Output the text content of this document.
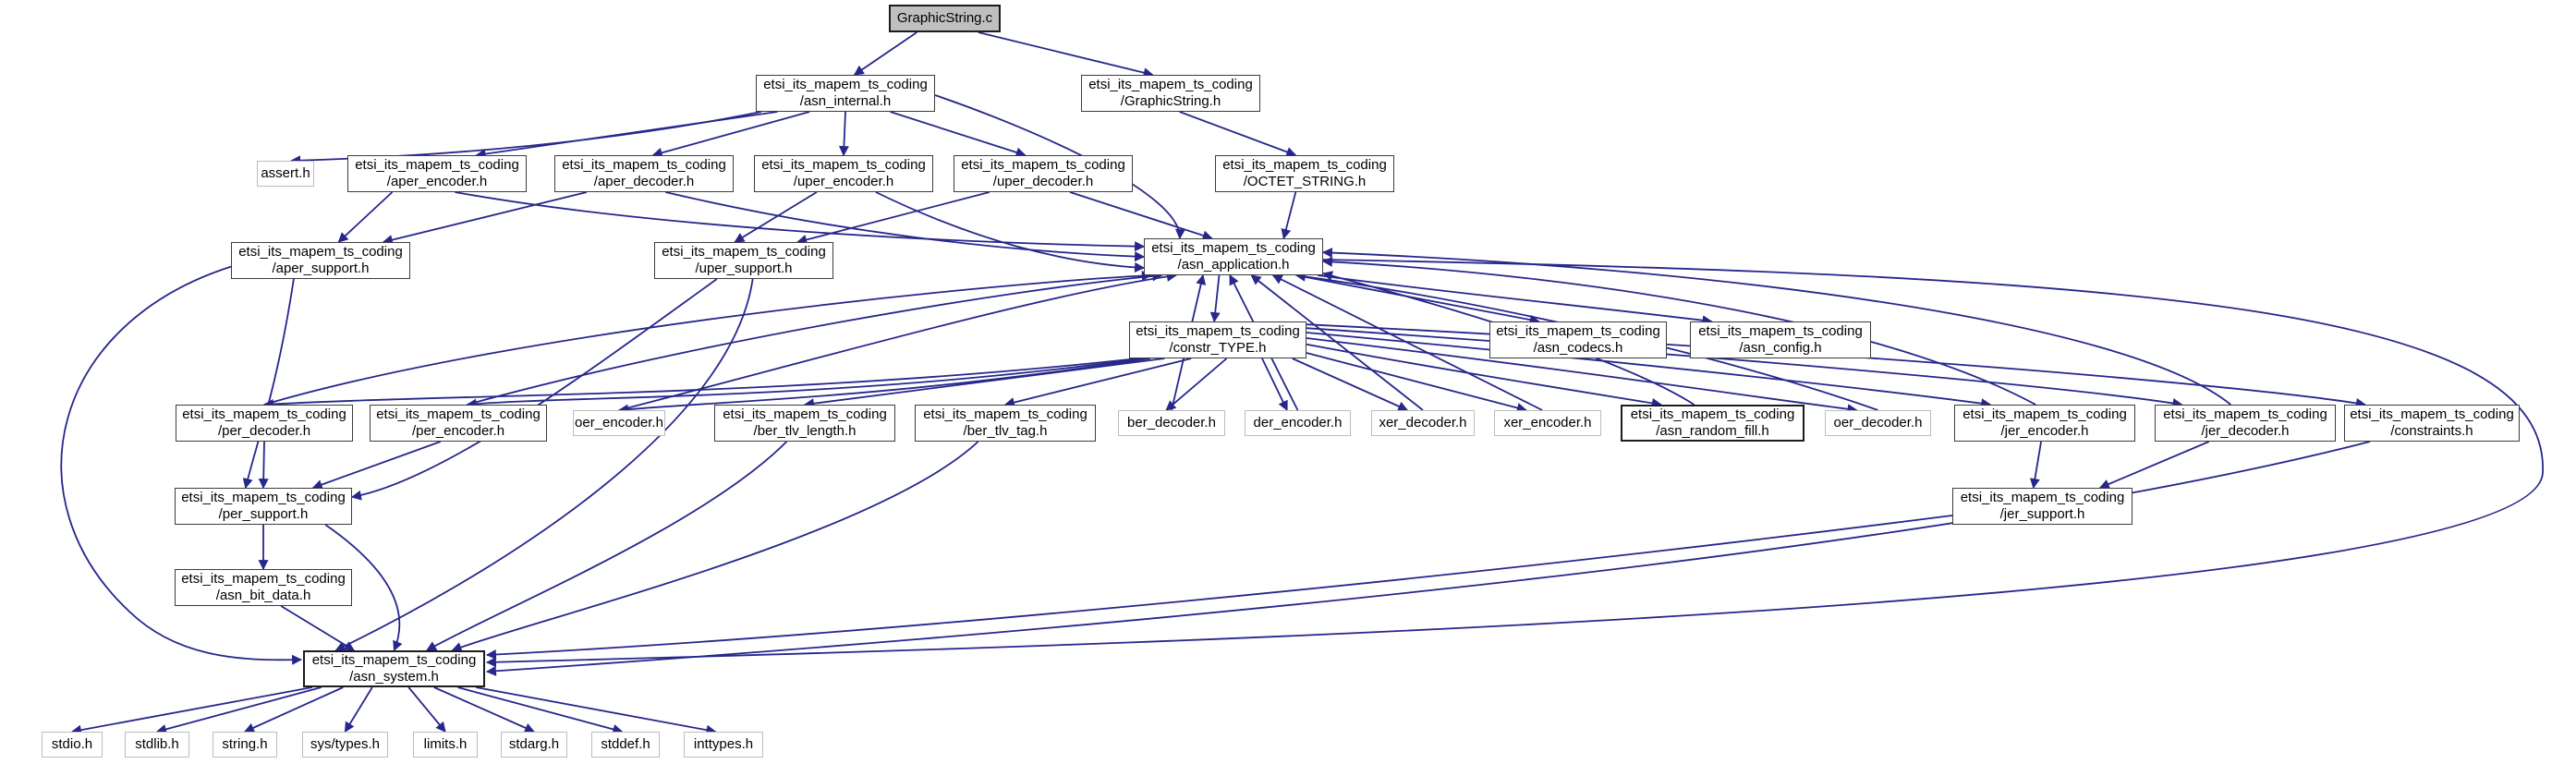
GraphicString.c
etsi_its_mapem_ts_coding
/asn_internal.h
etsi_its_mapem_ts_coding
/GraphicString.h
assert.h
etsi_its_mapem_ts_coding
/aper_encoder.h
etsi_its_mapem_ts_coding
/aper_decoder.h
etsi_its_mapem_ts_coding
/uper_encoder.h
etsi_its_mapem_ts_coding
/uper_decoder.h
etsi_its_mapem_ts_coding
/OCTET_STRING.h
etsi_its_mapem_ts_coding
/aper_support.h
etsi_its_mapem_ts_coding
/uper_support.h
etsi_its_mapem_ts_coding
/asn_application.h
etsi_its_mapem_ts_coding
/constr_TYPE.h
etsi_its_mapem_ts_coding
/asn_codecs.h
etsi_its_mapem_ts_coding
/asn_config.h
etsi_its_mapem_ts_coding
/per_decoder.h
etsi_its_mapem_ts_coding
/per_encoder.h
oer_encoder.h
etsi_its_mapem_ts_coding
/ber_tlv_length.h
etsi_its_mapem_ts_coding
/ber_tlv_tag.h
ber_decoder.h	der_encoder.h	xer_decoder.h	xer_encoder.h
etsi_its_mapem_ts_coding
/asn_random_fill.h
oer_decoder.h
etsi_its_mapem_ts_coding
/jer_encoder.h
etsi_its_mapem_ts_coding
/jer_decoder.h
etsi_its_mapem_ts_coding
/constraints.h
etsi_its_mapem_ts_coding
/per_support.h
etsi_its_mapem_ts_coding
/jer_support.h
etsi_its_mapem_ts_coding
/asn_bit_data.h
etsi_its_mapem_ts_coding
/asn_system.h
stdio.h	stdlib.h	string.h	sys/types.h	limits.h	stdarg.h	stddef.h	inttypes.h
